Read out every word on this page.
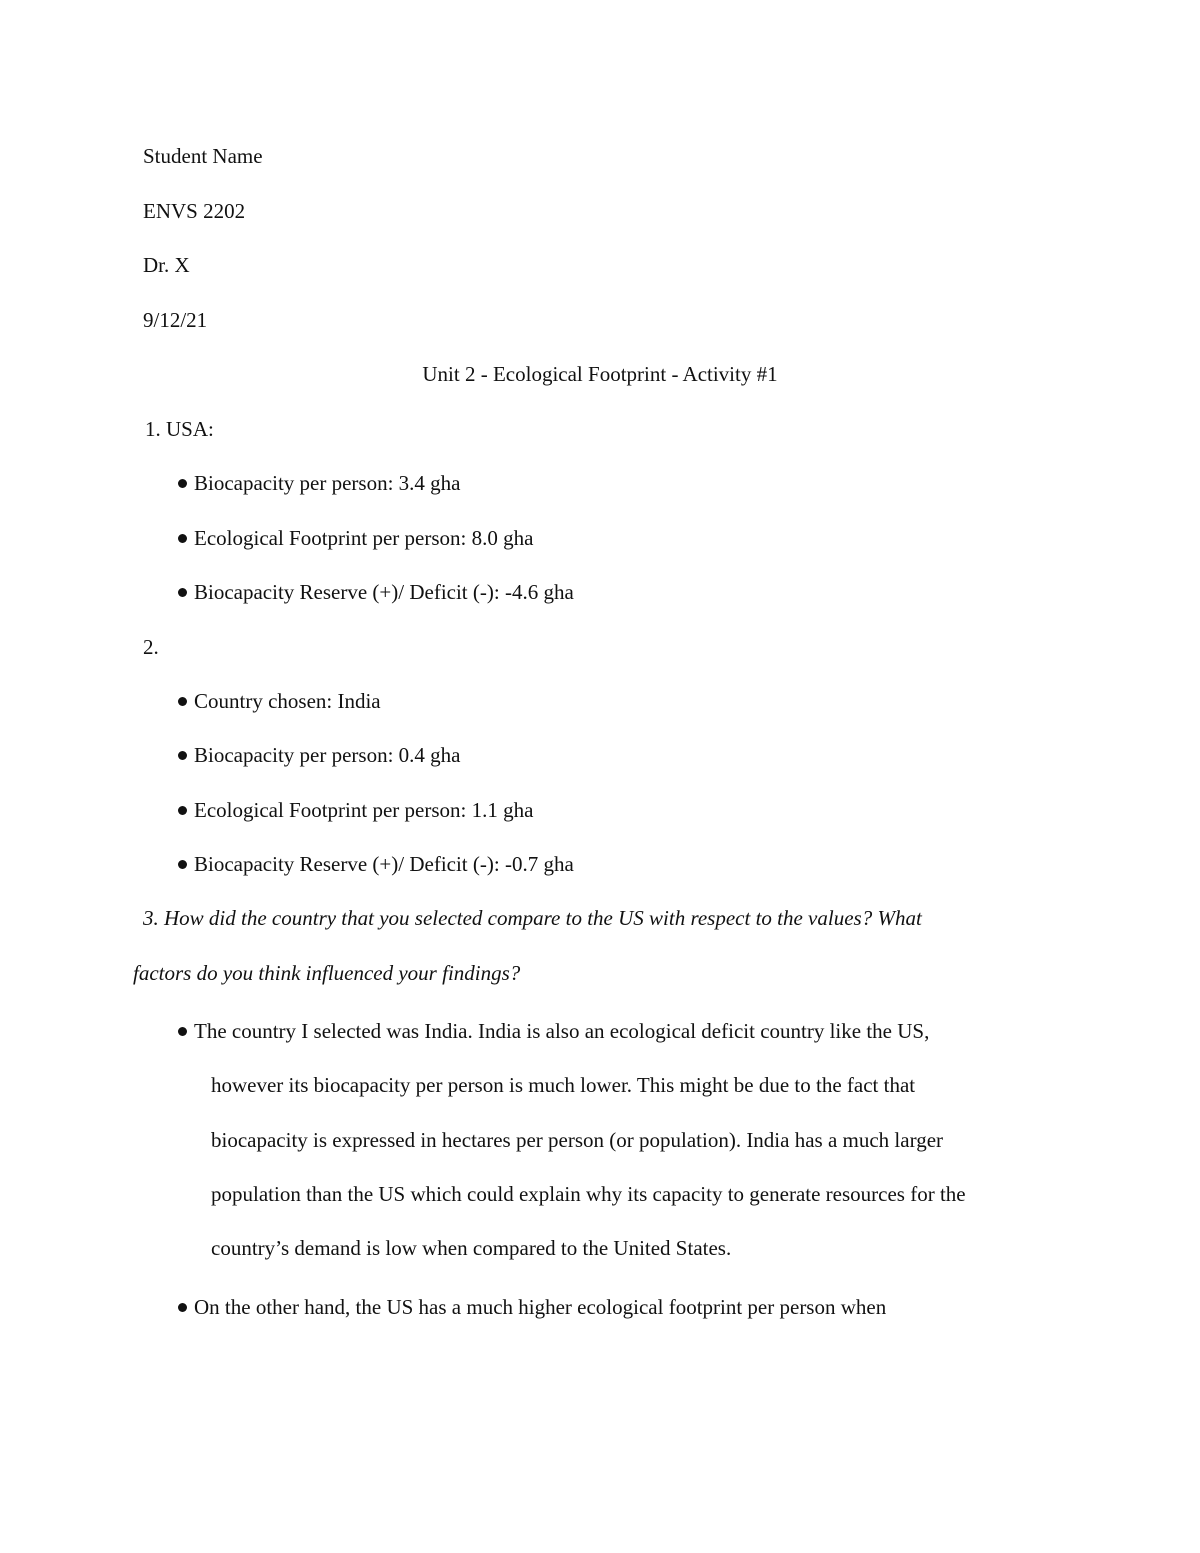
Student Name
ENVS 2202
Dr. X
9/12/21
Unit 2 - Ecological Footprint - Activity #1
1. USA:
Biocapacity per person: 3.4 gha
Ecological Footprint per person: 8.0 gha
Biocapacity Reserve (+)/ Deficit (-): -4.6 gha
2.
Country chosen: India
Biocapacity per person: 0.4 gha
Ecological Footprint per person: 1.1 gha
Biocapacity Reserve (+)/ Deficit (-): -0.7 gha
3. How did the country that you selected compare to the US with respect to the values? What
factors do you think influenced your findings?
The country I selected was India. India is also an ecological deficit country like the US,
however its biocapacity per person is much lower. This might be due to the fact that
biocapacity is expressed in hectares per person (or population). India has a much larger
population than the US which could explain why its capacity to generate resources for the
country’s demand is low when compared to the United States.
On the other hand, the US has a much higher ecological footprint per person when
